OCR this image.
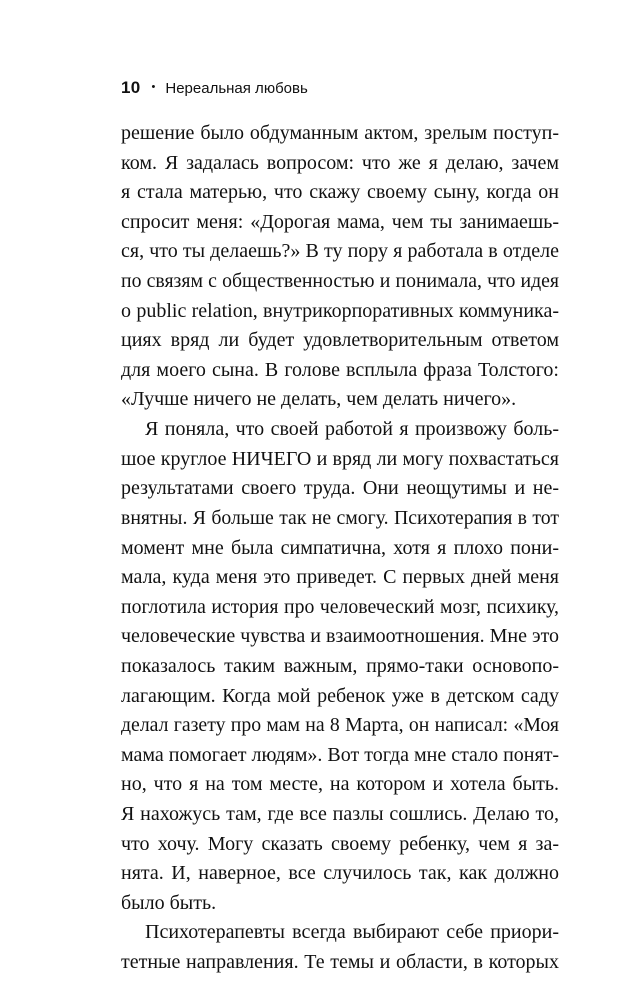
10 • Нереальная любовь
решение было обдуманным актом, зрелым поступ-
ком. Я задалась вопросом: что же я делаю, зачем
я стала матерью, что скажу своему сыну, когда он
спросит меня: «Дорогая мама, чем ты занимаешь-
ся, что ты делаешь?» В ту пору я работала в отделе
по связям с общественностью и понимала, что идея
о public relation, внутрикорпоративных коммуника-
циях вряд ли будет удовлетворительным ответом
для моего сына. В голове всплыла фраза Толстого:
«Лучше ничего не делать, чем делать ничего».
Я поняла, что своей работой я произвожу боль-
шое круглое НИЧЕГО и вряд ли могу похвастаться
результатами своего труда. Они неощутимы и не-
внятны. Я больше так не смогу. Психотерапия в тот
момент мне была симпатична, хотя я плохо пони-
мала, куда меня это приведет. С первых дней меня
поглотила история про человеческий мозг, психику,
человеческие чувства и взаимоотношения. Мне это
показалось таким важным, прямо-таки основопо-
лагающим. Когда мой ребенок уже в детском саду
делал газету про мам на 8 Марта, он написал: «Моя
мама помогает людям». Вот тогда мне стало понят-
но, что я на том месте, на котором и хотела быть.
Я нахожусь там, где все пазлы сошлись. Делаю то,
что хочу. Могу сказать своему ребенку, чем я за-
нята. И, наверное, все случилось так, как должно
было быть.
Психотерапевты всегда выбирают себе приори-
тетные направления. Те темы и области, в которых
